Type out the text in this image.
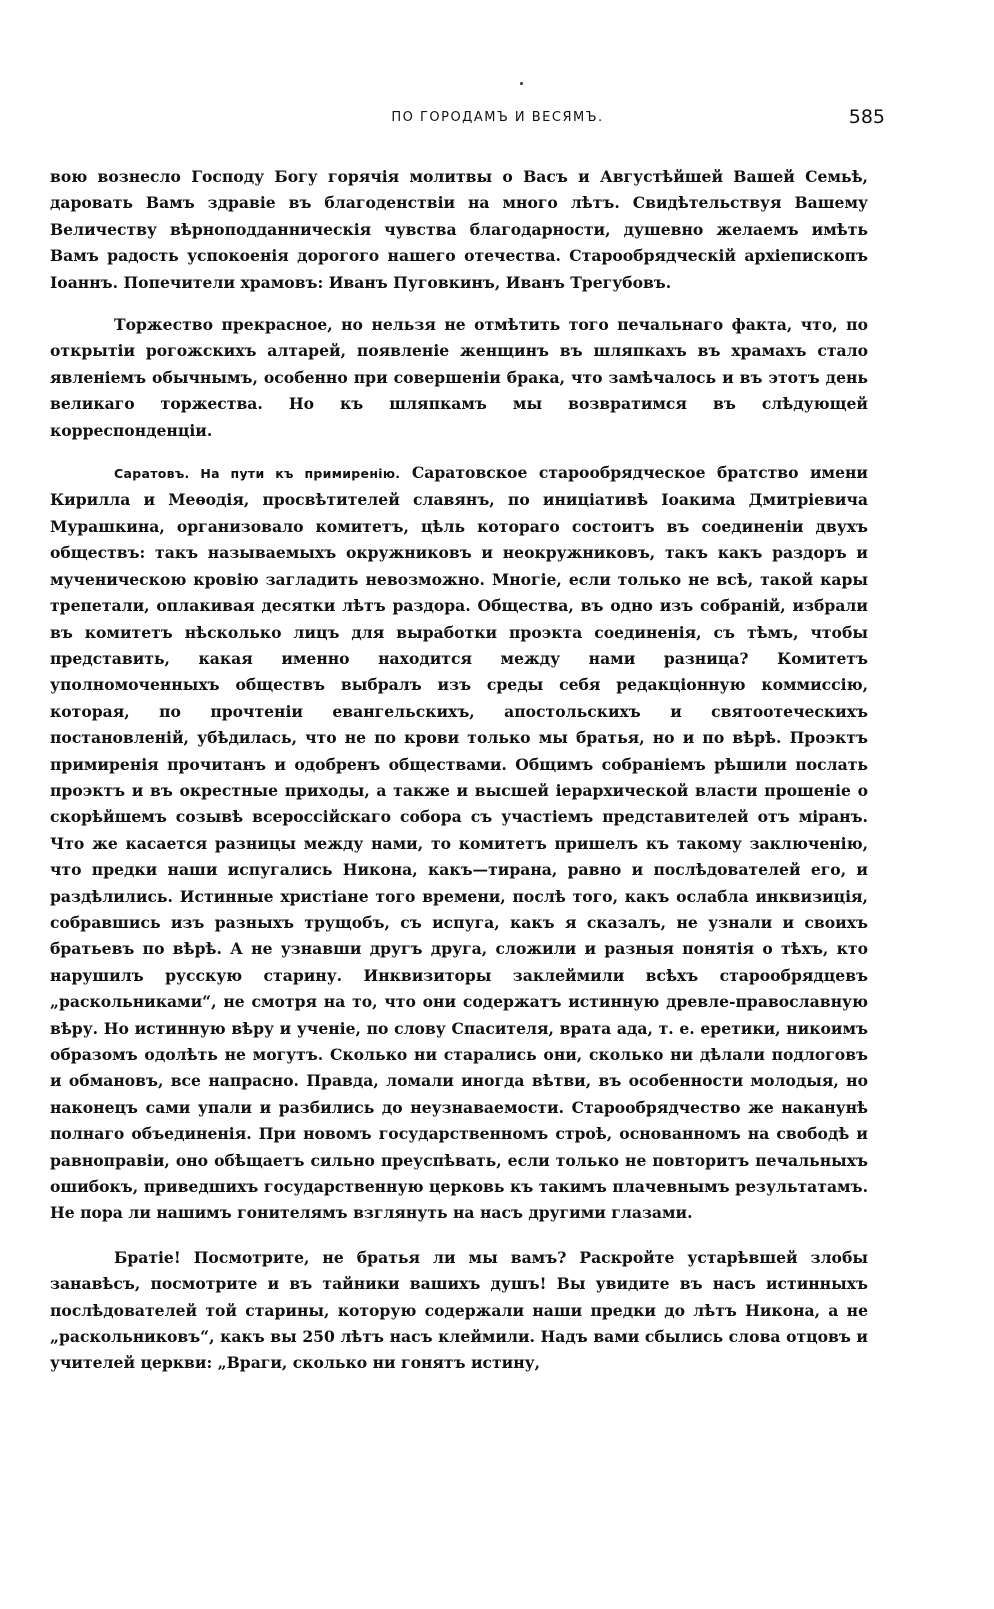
ПО ГОРОДАМЪ И ВЕСЯМЪ.	585

вою вознесло Господу Богу горячія молитвы о Васъ и Августѣйшей Вашей Семьѣ, даровать Вамъ здравіе въ благоденствіи на много лѣтъ. Свидѣтельствуя Вашему Величеству вѣрноподданническія чувства благодарности, душевно желаемъ имѣть Вамъ радость успокоенія дорогого нашего отечества. Старообрядческій архіепископъ Іоаннъ. Попечители храмовъ: Иванъ Пуговкинъ, Иванъ Трегубовъ.

Торжество прекрасное, но нельзя не отмѣтить того печальнаго факта, что, по открытіи рогожскихъ алтарей, появленіе женщинъ въ шляпкахъ въ храмахъ стало явленіемъ обычнымъ, особенно при совершеніи брака, что замѣчалось и въ этотъ день великаго торжества. Но къ шляпкамъ мы возвратимся въ слѣдующей корреспонденціи.

Саратовъ. На пути къ примиренію. Саратовское старообрядческое братство имени Кирилла и Меѳодія, просвѣтителей славянъ, по иниціативѣ Іоакима Дмитріевича Мурашкина, организовало комитетъ, цѣль котораго состоитъ въ соединеніи двухъ обществъ: такъ называемыхъ окружниковъ и неокружниковъ, такъ какъ раздоръ и мученическою кровію загладить невозможно. Многіе, если только не всѣ, такой кары трепетали, оплакивая десятки лѣтъ раздора. Общества, въ одно изъ собраній, избрали въ комитетъ нѣсколько лицъ для выработки проэкта соединенія, съ тѣмъ, чтобы представить, какая именно находится между нами разница? Комитетъ уполномоченныхъ обществъ выбралъ изъ среды себя редакціонную коммиссію, которая, по прочтеніи евангельскихъ, апостольскихъ и святоотеческихъ постановленій, убѣдилась, что не по крови только мы братья, но и по вѣрѣ. Проэктъ примиренія прочитанъ и одобренъ обществами. Общимъ собраніемъ рѣшили послать проэктъ и въ окрестные приходы, а также и высшей іерархической власти прошеніе о скорѣйшемъ созывѣ всероссійскаго собора съ участіемъ представителей отъ міранъ. Что же касается разницы между нами, то комитетъ пришелъ къ такому заключенію, что предки наши испугались Никона, какъ—тирана, равно и послѣдователей его, и раздѣлились. Истинные христіане того времени, послѣ того, какъ ослабла инквизиція, собравшись изъ разныхъ трущобъ, съ испуга, какъ я сказалъ, не узнали и своихъ братьевъ по вѣрѣ. А не узнавши другъ друга, сложили и разныя понятія о тѣхъ, кто нарушилъ русскую старину. Инквизиторы заклеймили всѣхъ старообрядцевъ „раскольниками“, не смотря на то, что они содержатъ истинную древле-православную вѣру. Но истинную вѣру и ученіе, по слову Спасителя, врата ада, т. е. еретики, никоимъ образомъ одолѣть не могутъ. Сколько ни старались они, сколько ни дѣлали подлоговъ и обмановъ, все напрасно. Правда, ломали иногда вѣтви, въ особенности молодыя, но наконецъ сами упали и разбились до неузнаваемости. Старообрядчество же наканунѣ полнаго объединенія. При новомъ государственномъ строѣ, основанномъ на свободѣ и равноправіи, оно обѣщаетъ сильно преуспѣвать, если только не повторитъ печальныхъ ошибокъ, приведшихъ государственную церковь къ такимъ плачевнымъ результатамъ. Не пора ли нашимъ гонителямъ взглянуть на насъ другими глазами.

Братіе! Посмотрите, не братья ли мы вамъ? Раскройте устарѣвшей злобы занавѣсъ, посмотрите и въ тайники вашихъ душъ! Вы увидите въ насъ истинныхъ послѣдователей той старины, которую содержали наши предки до лѣтъ Никона, а не „раскольниковъ“, какъ вы 250 лѣтъ насъ клеймили. Надъ вами сбылись слова отцовъ и учителей церкви: „Враги, сколько ни гонятъ истину,
